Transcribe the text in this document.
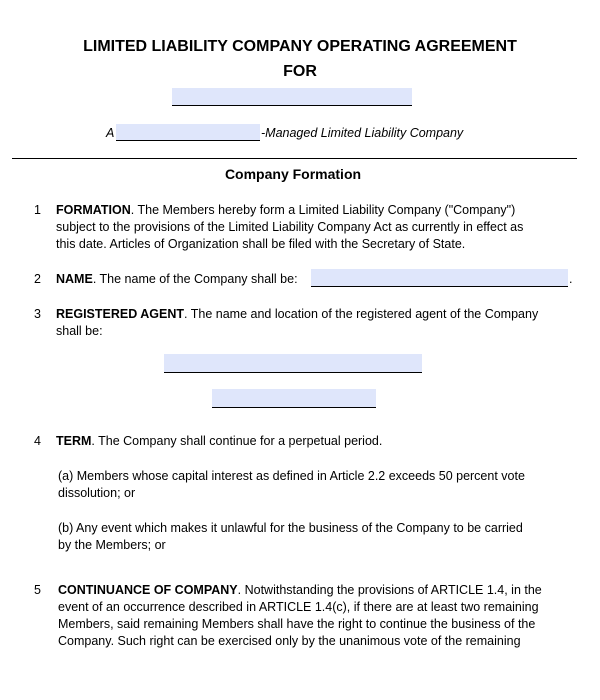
LIMITED LIABILITY COMPANY OPERATING AGREEMENT
FOR
A	-Managed Limited Liability Company
Company Formation
1 FORMATION. The Members hereby form a Limited Liability Company ("Company")
subject to the provisions of the Limited Liability Company Act as currently in effect as
this date. Articles of Organization shall be filed with the Secretary of State.
2 NAME. The name of the Company shall be:	.
3 REGISTERED AGENT. The name and location of the registered agent of the Company
shall be:
4 TERM. The Company shall continue for a perpetual period.
(a) Members whose capital interest as defined in Article 2.2 exceeds 50 percent vote
dissolution; or
(b) Any event which makes it unlawful for the business of the Company to be carried
by the Members; or
5 CONTINUANCE OF COMPANY. Notwithstanding the provisions of ARTICLE 1.4, in the
event of an occurrence described in ARTICLE 1.4(c), if there are at least two remaining
Members, said remaining Members shall have the right to continue the business of the
Company. Such right can be exercised only by the unanimous vote of the remaining
